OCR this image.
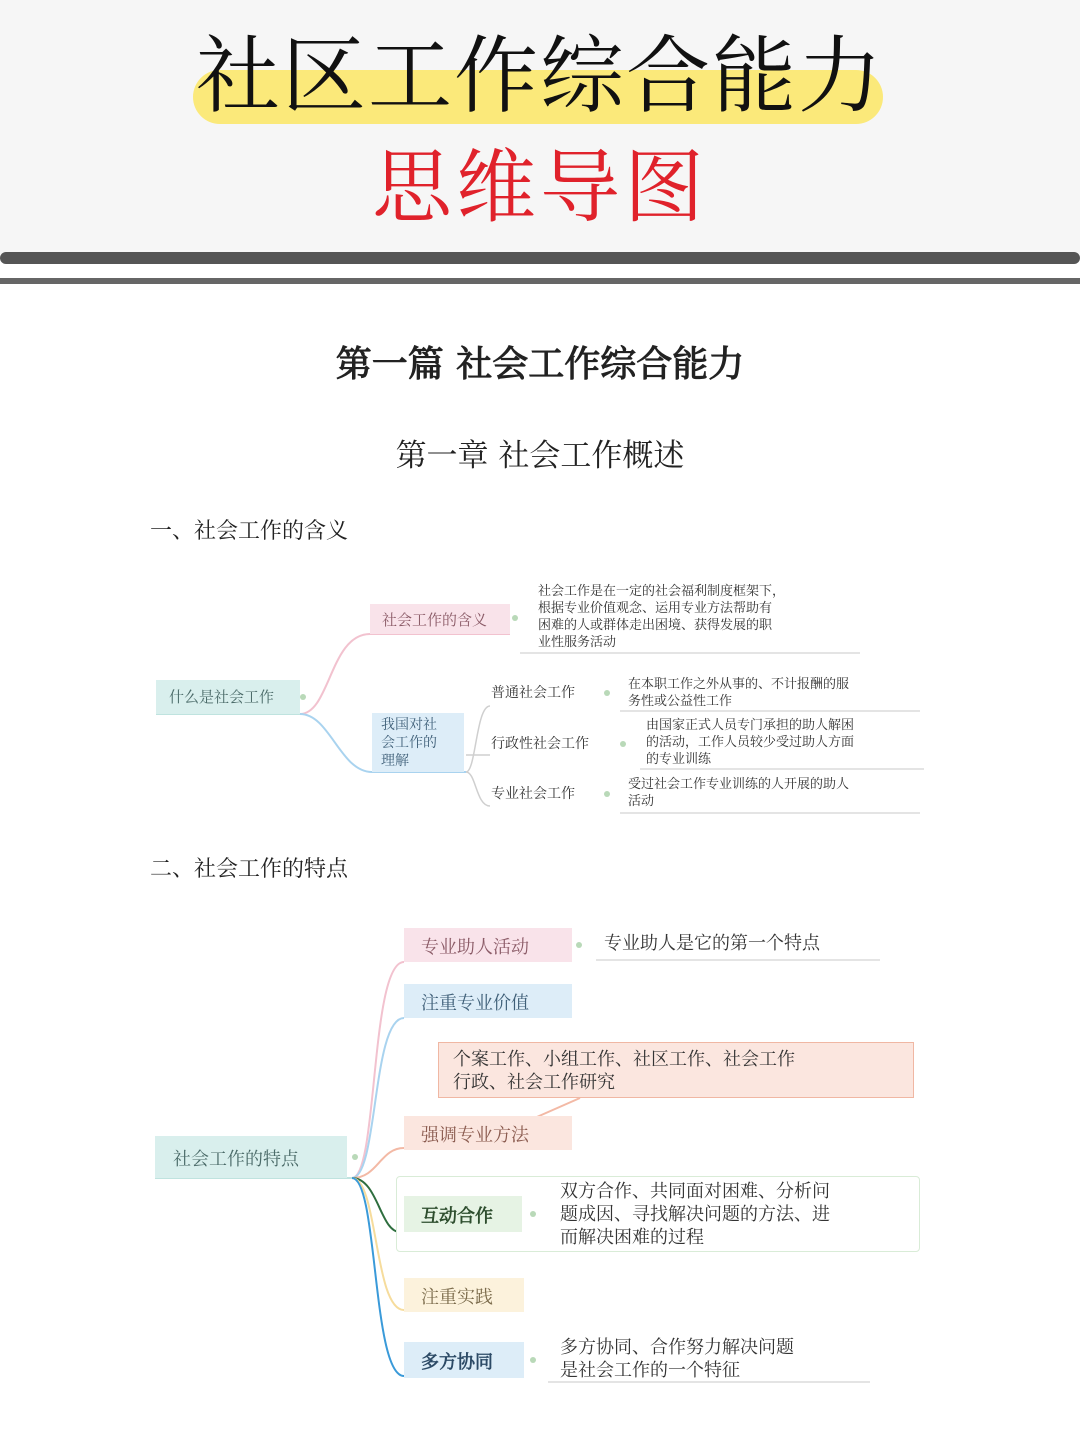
社区工作综合能力
思维导图
第一篇 社会工作综合能力
第一章 社会工作概述
一、社会工作的含义
什么是社会工作
社会工作的含义
社会工作是在一定的社会福利制度框架下，
根据专业价值观念、运用专业方法帮助有
困难的人或群体走出困境、获得发展的职
业性服务活动
我国对社
会工作的
理解
普通社会工作
在本职工作之外从事的、不计报酬的服
务性或公益性工作
行政性社会工作
由国家正式人员专门承担的助人解困
的活动，工作人员较少受过助人方面
的专业训练
专业社会工作
受过社会工作专业训练的人开展的助人
活动
二、社会工作的特点
社会工作的特点
专业助人活动	专业助人是它的第一个特点
注重专业价值
个案工作、小组工作、社区工作、社会工作
行政、社会工作研究
强调专业方法
互动合作
双方合作、共同面对困难、分析问
题成因、寻找解决问题的方法、进
而解决困难的过程
注重实践
多方协同
多方协同、合作努力解决问题
是社会工作的一个特征
